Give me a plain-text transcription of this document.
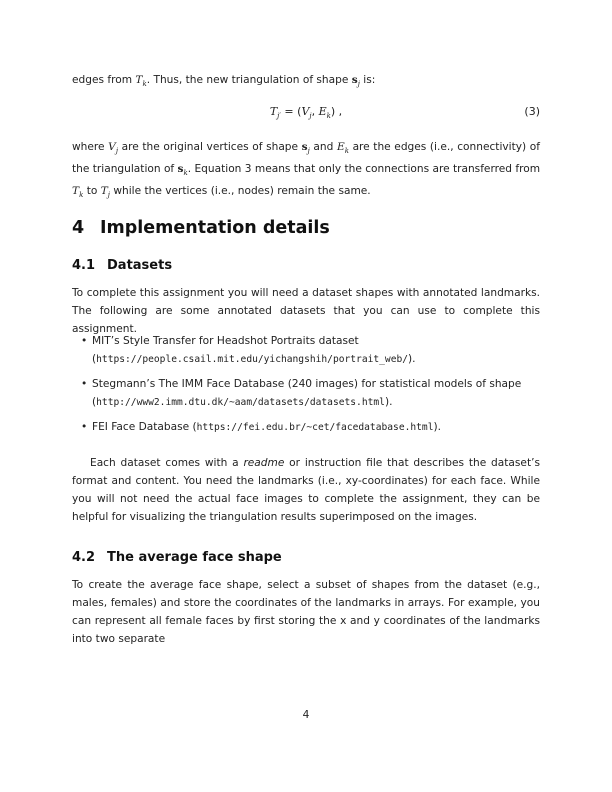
edges from $T_k$. Thus, the new triangulation of shape $s_j$ is:

$T_{j'} = (V_j$, $E_k$) ,	(3)

where $V_j$ are the original vertices of shape $s_j$ and $E_k$ are the edges (i.e., connectivity) of the triangulation of $s_k$. Equation 3 means that only the connections are transferred from $T_k$ to $T_j$ while the vertices (i.e., nodes) remain the same.

4 Implementation details
4.1 Datasets

To complete this assignment you will need a dataset shapes with annotated landmarks. The following are some annotated datasets that you can use to complete this assignment.

• MIT’s Style Transfer for Headshot Portraits dataset (https://people.csail.mit.edu/yichangshih/portrait_web/).
• Stegmann’s The IMM Face Database (240 images) for statistical models of shape (http://www2.imm.dtu.dk/~aam/datasets/datasets.html).
• FEI Face Database (https://fei.edu.br/~cet/facedatabase.html).

Each dataset comes with a readme or instruction file that describes the dataset’s format and content. You need the landmarks (i.e., xy-coordinates) for each face. While you will not need the actual face images to complete the assignment, they can be helpful for visualizing the triangulation results superimposed on the images.

4.2 The average face shape

To create the average face shape, select a subset of shapes from the dataset (e.g., males, females) and store the coordinates of the landmarks in arrays. For example, you can represent all female faces by first storing the x and y coordinates of the landmarks into two separate

4
